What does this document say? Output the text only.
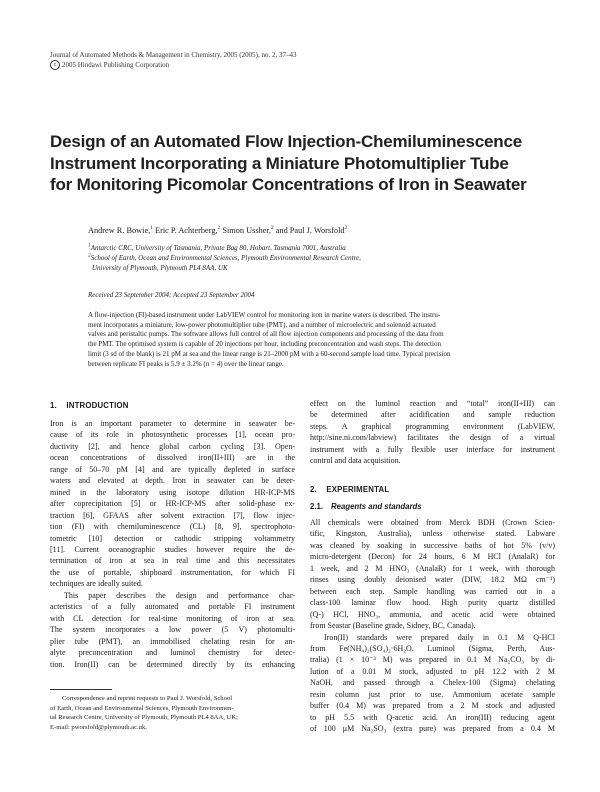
Journal of Automated Methods & Management in Chemistry, 2005 (2005), no. 2, 37–43
c 2005 Hindawi Publishing Corporation
Design of an Automated Flow Injection-Chemiluminescence
Instrument Incorporating a Miniature Photomultiplier Tube
for Monitoring Picomolar Concentrations of Iron in Seawater
Andrew R. Bowie,$^1$ Eric P. Achterberg,$^2$ Simon Ussher,$^2$ and Paul J. Worsfold$^2$
$^1$Antarctic CRC, University of Tasmania, Private Bag 80, Hobart, Tasmania 7001, Australia
$^2$School of Earth, Ocean and Environmental Sciences, Plymouth Environmental Research Centre,
University of Plymouth, Plymouth PL4 8AA, UK
Received 23 September 2004; Accepted 23 September 2004
A flow-injection (FI)-based instrument under LabVIEW control for monitoring iron in marine waters is described. The instru-
ment incorporates a miniature, low-power photomultiplier tube (PMT), and a number of microelectric and solenoid actuated
valves and peristaltic pumps. The software allows full control of all flow injection components and processing of the data from
the PMT. The optimised system is capable of 20 injections per hour, including preconcentration and wash steps. The detection
limit (3 sd of the blank) is 21 pM at sea and the linear range is 21–2000 pM with a 60-second sample load time. Typical precision
between replicate FI peaks is 5.9 ± 3.2% (n = 4) over the linear range.
1. INTRODUCTION
Iron is an important parameter to determine in seawater be-
cause of its role in photosynthetic processes [1], ocean pro-
ductivity [2], and hence global carbon cycling [3]. Open-
ocean concentrations of dissolved iron(II+III) are in the
range of 50–70 pM [4] and are typically depleted in surface
waters and elevated at depth. Iron in seawater can be deter-
mined in the laboratory using isotope dilution HR-ICP-MS
after coprecipitation [5] or HR-ICP-MS after solid-phase ex-
traction [6], GFAAS after solvent extraction [7], flow injec-
tion (FI) with chemiluminescence (CL) [8, 9], spectrophoto-
tometric [10] detection or cathodic stripping voltammetry
[11]. Current oceanographic studies however require the de-
termination of iron at sea in real time and this necessitates
the use of portable, shipboard instrumentation, for which FI
techniques are ideally suited.
This paper describes the design and performance char-
acteristics of a fully automated and portable FI instrument
with CL detection for real-time monitoring of iron at sea.
The system incorporates a low power (5 V) photomulti-
plier tube (PMT), an immobilised chelating resin for an-
alyte preconcentration and luminol chemistry for detec-
tion. Iron(II) can be determined directly by its enhancing
Correspondence and reprint requests to Paul J. Worsfold, School
of Earth, Ocean and Environmental Sciences, Plymouth Environmen-
tal Research Centre, University of Plymouth, Plymouth PL4 8AA, UK;
E-mail: pworsfold@plymouth.ac.uk.
effect on the luminol reaction and “total” iron(II+III) can
be determined after acidification and sample reduction
steps. A graphical programming environment (LabVIEW,
http://sine.ni.com/labview) facilitates the design of a virtual
instrument with a fully flexible user interface for instrument
control and data acquisition.
2. EXPERIMENTAL
2.1. Reagents and standards
All chemicals were obtained from Merck BDH (Crown Scien-
tific, Kingston, Australia), unless otherwise stated. Labware
was cleaned by soaking in successive baths of hot 5% (v/v)
micro-detergent (Decon) for 24 hours, 6 M HCl (AnalaR) for
1 week, and 2 M HNO₃ (AnalaR) for 1 week, with thorough
rinses using doubly deionised water (DIW, 18.2 MΩ cm⁻¹)
between each step. Sample handling was carried out in a
class-100 laminar flow hood. High purity quartz distilled
(Q-) HCl, HNO₃, ammonia, and acetic acid were obtained
from Seastar (Baseline grade, Sidney, BC, Canada).
Iron(II) standards were prepared daily in 0.1 M Q-HCl
from Fe(NH₄)₂(SO₄)₂·6H₂O. Luminol (Sigma, Perth, Aus-
tralia) (1 × 10⁻³ M) was prepared in 0.1 M Na₂CO₃ by di-
lution of a 0.01 M stock, adjusted to pH 12.2 with 2 M
NaOH, and passed through a Chelex-100 (Sigma) chelating
resin column just prior to use. Ammonium acetate sample
buffer (0.4 M) was prepared from a 2 M stock and adjusted
to pH 5.5 with Q-acetic acid. An iron(III) reducing agent
of 100 μM Na₂SO₃ (extra pure) was prepared from a 0.4 M
